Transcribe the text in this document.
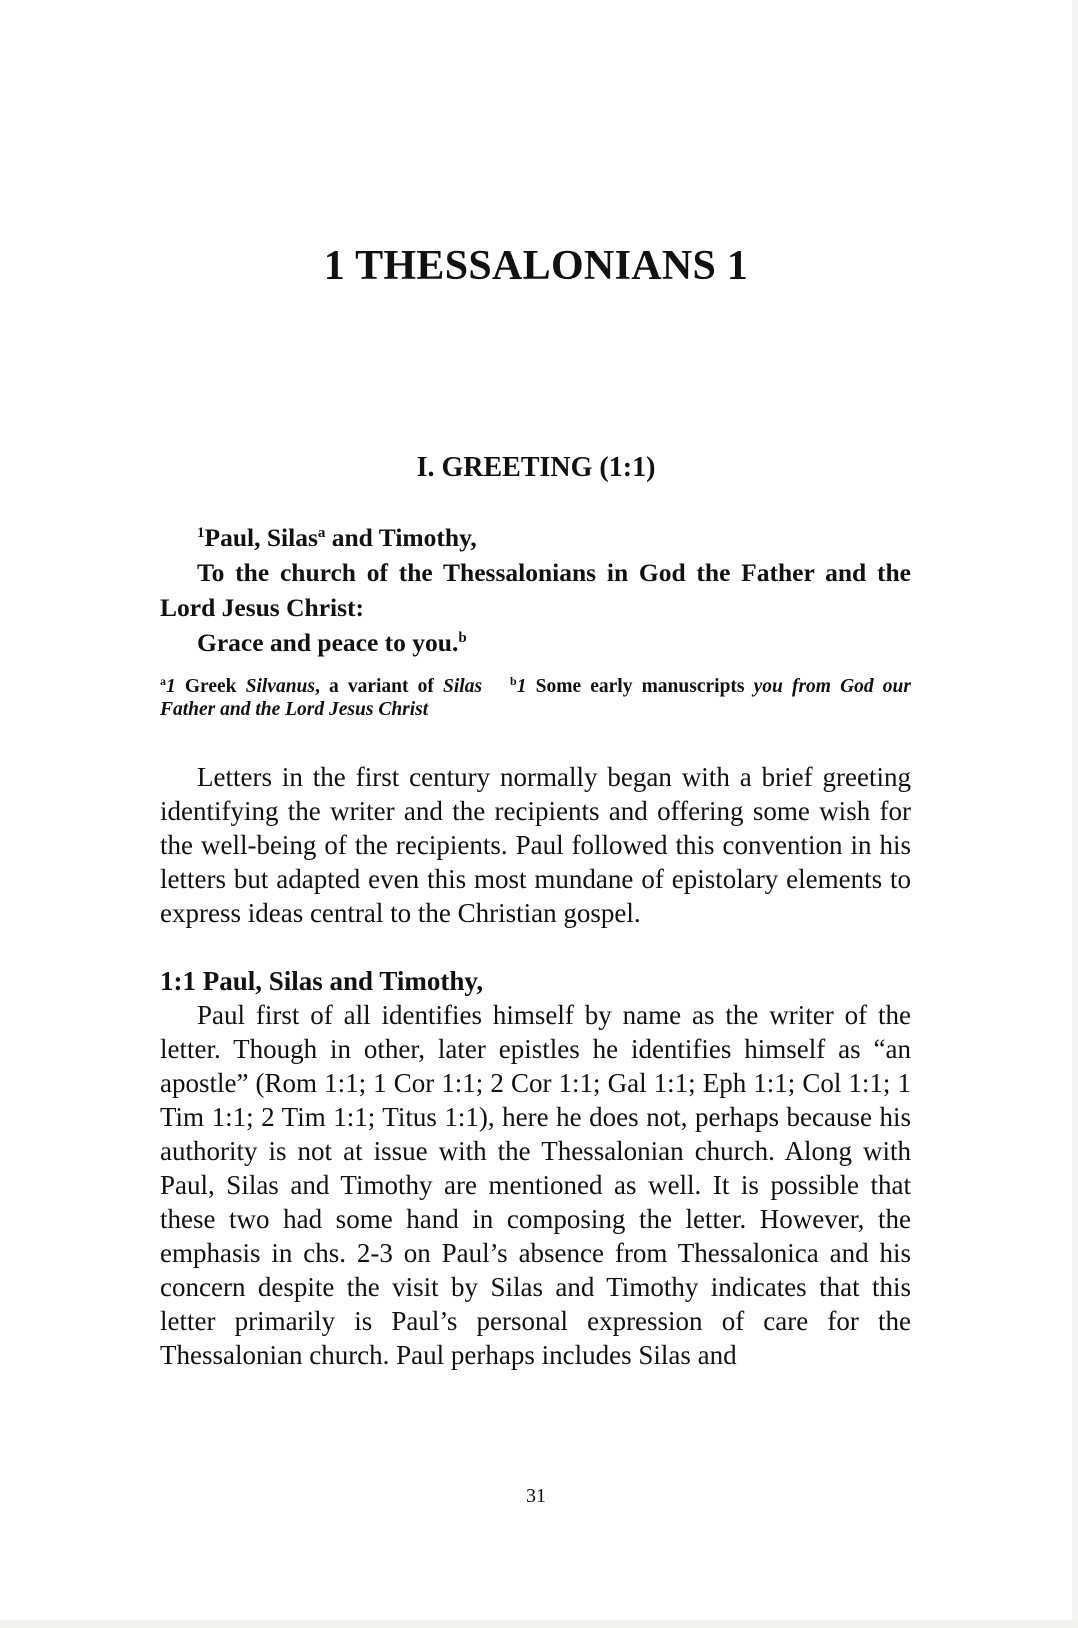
1 THESSALONIANS 1
I. GREETING (1:1)

$^1$Paul, Silas$^a$ and Timothy,

To the church of the Thessalonians in God the Father and the Lord Jesus Christ:

Grace and peace to you.$^b$

$^a$1 Greek Silvanus, a variant of Silas $^b$1 Some early manuscripts you from God our Father and the Lord Jesus Christ

Letters in the first century normally began with a brief greeting identifying the writer and the recipients and offering some wish for the well-being of the recipients. Paul followed this convention in his letters but adapted even this most mundane of epistolary elements to express ideas central to the Christian gospel.

1:1 Paul, Silas and Timothy,

Paul first of all identifies himself by name as the writer of the letter. Though in other, later epistles he identifies himself as “an apostle” (Rom 1:1; 1 Cor 1:1; 2 Cor 1:1; Gal 1:1; Eph 1:1; Col 1:1; 1 Tim 1:1; 2 Tim 1:1; Titus 1:1), here he does not, perhaps because his authority is not at issue with the Thessalonian church. Along with Paul, Silas and Timothy are mentioned as well. It is possible that these two had some hand in composing the letter. However, the emphasis in chs. 2-3 on Paul’s absence from Thessalonica and his concern despite the visit by Silas and Timothy indicates that this letter primarily is Paul’s personal expression of care for the Thessalonian church. Paul perhaps includes Silas and

31
